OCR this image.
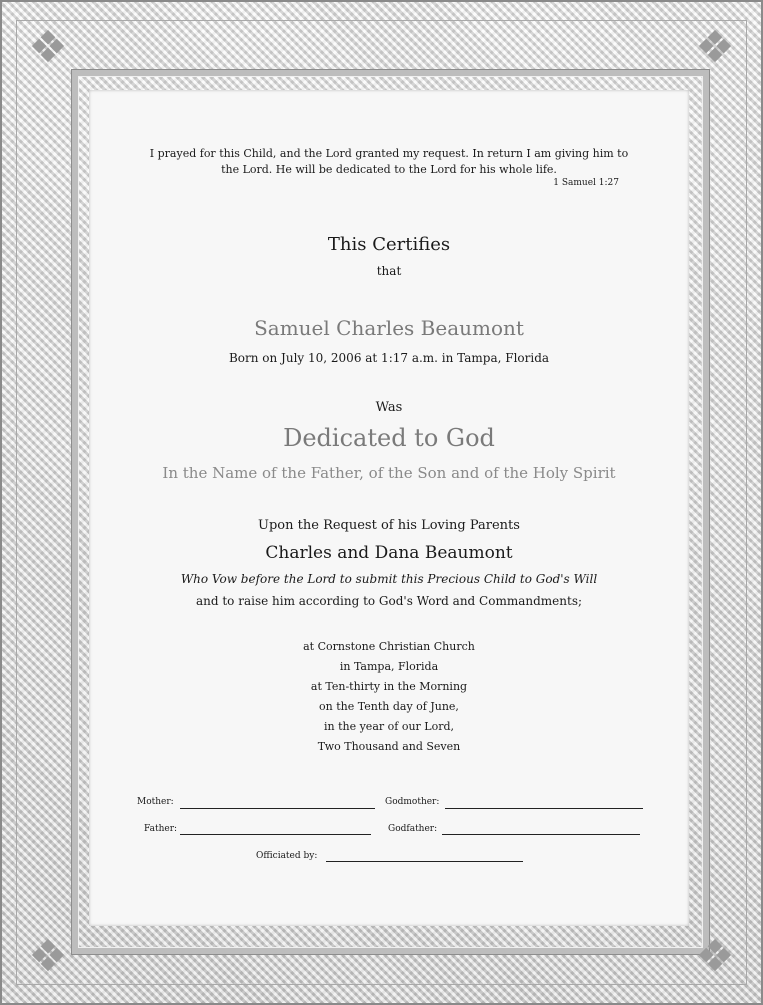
❖	❖
❖	❖
I prayed for this Child, and the Lord granted my request. In return I am giving him to
the Lord. He will be dedicated to the Lord for his whole life.
1 Samuel 1:27
This Certifies
that
Samuel Charles Beaumont
Born on July 10, 2006 at 1:17 a.m. in Tampa, Florida
Was
Dedicated to God
In the Name of the Father, of the Son and of the Holy Spirit
Upon the Request of his Loving Parents
Charles and Dana Beaumont
Who Vow before the Lord to submit this Precious Child to God's Will
and to raise him according to God's Word and Commandments;
at Cornstone Christian Church
in Tampa, Florida
at Ten-thirty in the Morning
on the Tenth day of June,
in the year of our Lord,
Two Thousand and Seven
Mother:	Godmother:
Father:	Godfather:
Officiated by:
